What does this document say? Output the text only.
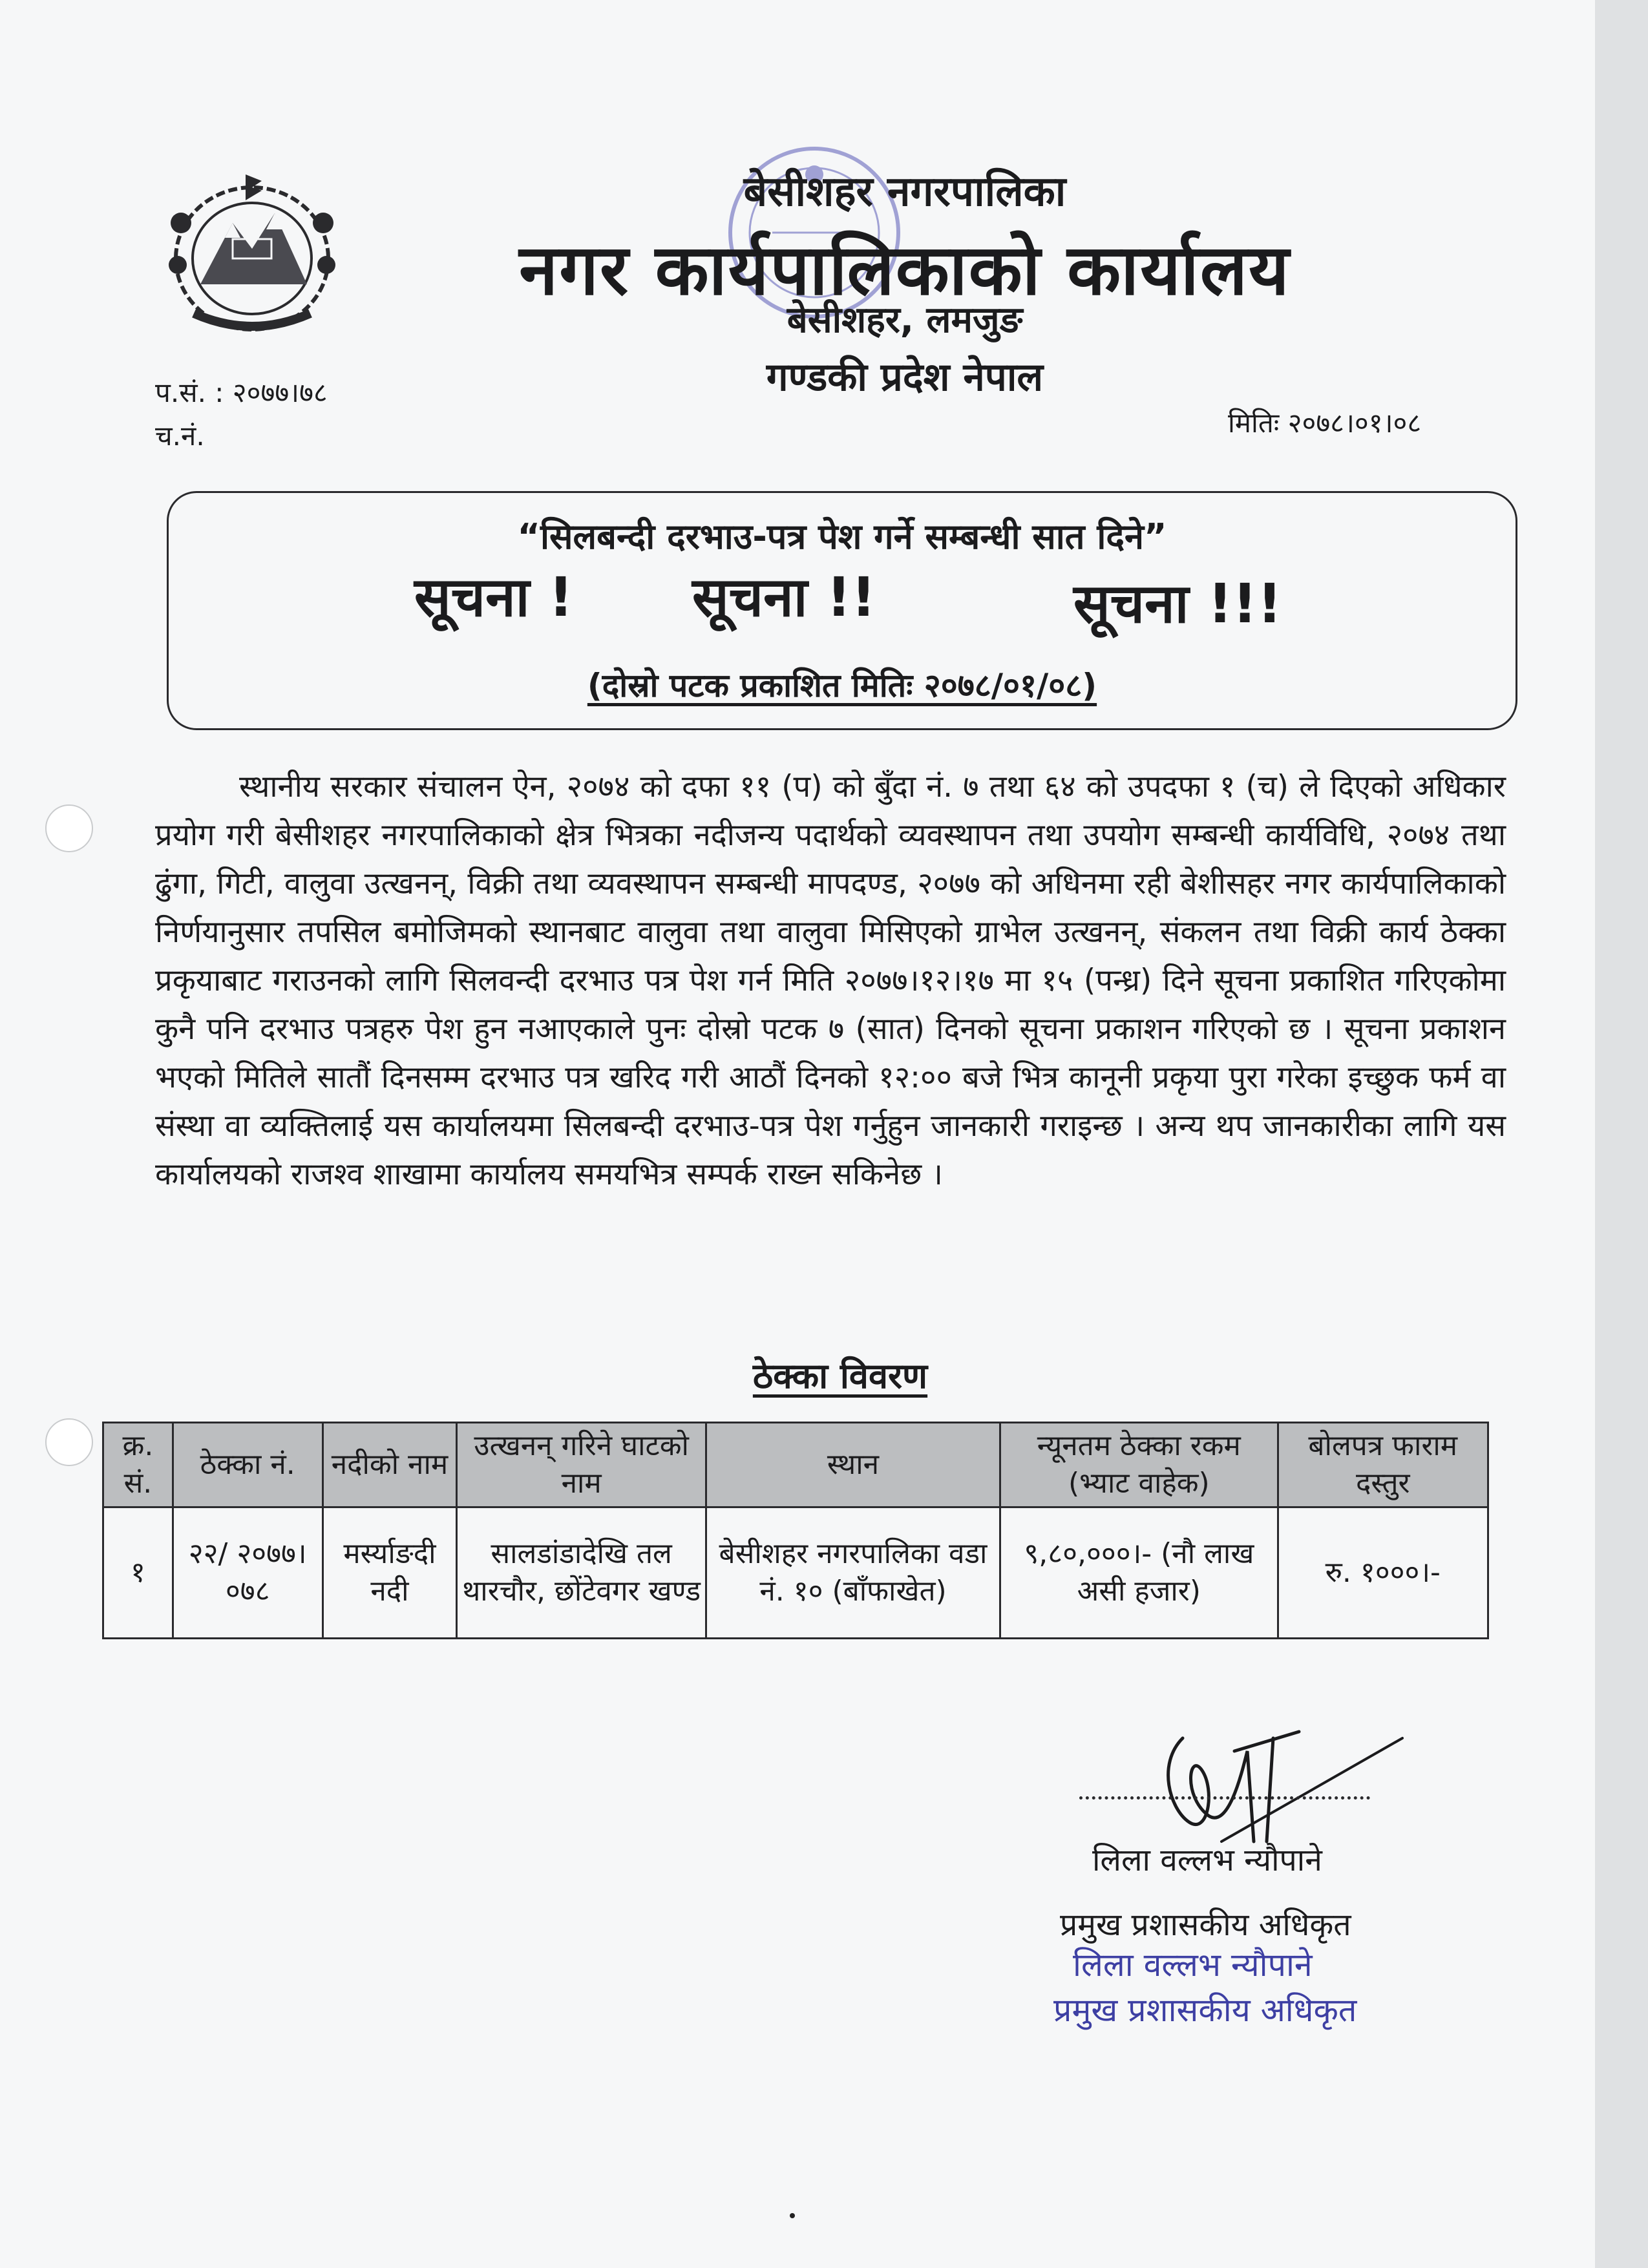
बेसीशहर नगरपालिका
नगर कार्यपालिकाको कार्यालय
बेसीशहर, लमजुङ
गण्डकी प्रदेश नेपाल
प.सं. : २०७७।७८
च.नं.	मितिः २०७८।०१।०८
“सिलबन्दी दरभाउ-पत्र पेश गर्ने सम्बन्धी सात दिने”
सूचना ! सूचना !!	सूचना !!!
(दोस्रो पटक प्रकाशित मितिः २०७८/०१/०८)
स्थानीय सरकार संचालन ऐन, २०७४ को दफा ११ (प) को बुँदा नं. ७ तथा ६४ को उपदफा १ (च) ले दिएको अधिकार प्रयोग गरी बेसीशहर नगरपालिकाको क्षेत्र भित्रका नदीजन्य पदार्थको व्यवस्थापन तथा उपयोग सम्बन्धी कार्यविधि, २०७४ तथा ढुंगा, गिटी, वालुवा उत्खनन्, विक्री तथा व्यवस्थापन सम्बन्धी मापदण्ड, २०७७ को अधिनमा रही बेशीसहर नगर कार्यपालिकाको निर्णयानुसार तपसिल बमोजिमको स्थानबाट वालुवा तथा वालुवा मिसिएको ग्राभेल उत्खनन्, संकलन तथा विक्री कार्य ठेक्का प्रकृयाबाट गराउनको लागि सिलवन्दी दरभाउ पत्र पेश गर्न मिति २०७७।१२।१७ मा १५ (पन्ध्र) दिने सूचना प्रकाशित गरिएकोमा कुनै पनि दरभाउ पत्रहरु पेश हुन नआएकाले पुनः दोस्रो पटक ७ (सात) दिनको सूचना प्रकाशन गरिएको छ । सूचना प्रकाशन भएको मितिले सातौं दिनसम्म दरभाउ पत्र खरिद गरी आठौं दिनको १२:०० बजे भित्र कानूनी प्रकृया पुरा गरेका इच्छुक फर्म वा संस्था वा व्यक्तिलाई यस कार्यालयमा सिलबन्दी दरभाउ-पत्र पेश गर्नुहुन जानकारी गराइन्छ । अन्य थप जानकारीका लागि यस कार्यालयको राजश्व शाखामा कार्यालय समयभित्र सम्पर्क राख्न सकिनेछ ।
ठेक्का विवरण
क्र. सं.	ठेक्का नं.	नदीको नाम	उत्खनन् गरिने घाटको नाम	स्थान	न्यूनतम ठेक्का रकम (भ्याट वाहेक)	बोलपत्र फाराम दस्तुर
१	२२/ २०७७।०७८	मर्स्याङदी नदी	सालडांडादेखि तल थारचौर, छोंटेवगर खण्ड	बेसीशहर नगरपालिका वडा नं. १० (बाँफाखेत)	९,८०,०००।- (नौ लाख असी हजार)	रु. १०००।-
लिला वल्लभ न्यौपाने
प्रमुख प्रशासकीय अधिकृत
लिला वल्लभ न्यौपाने
प्रमुख प्रशासकीय अधिकृत
